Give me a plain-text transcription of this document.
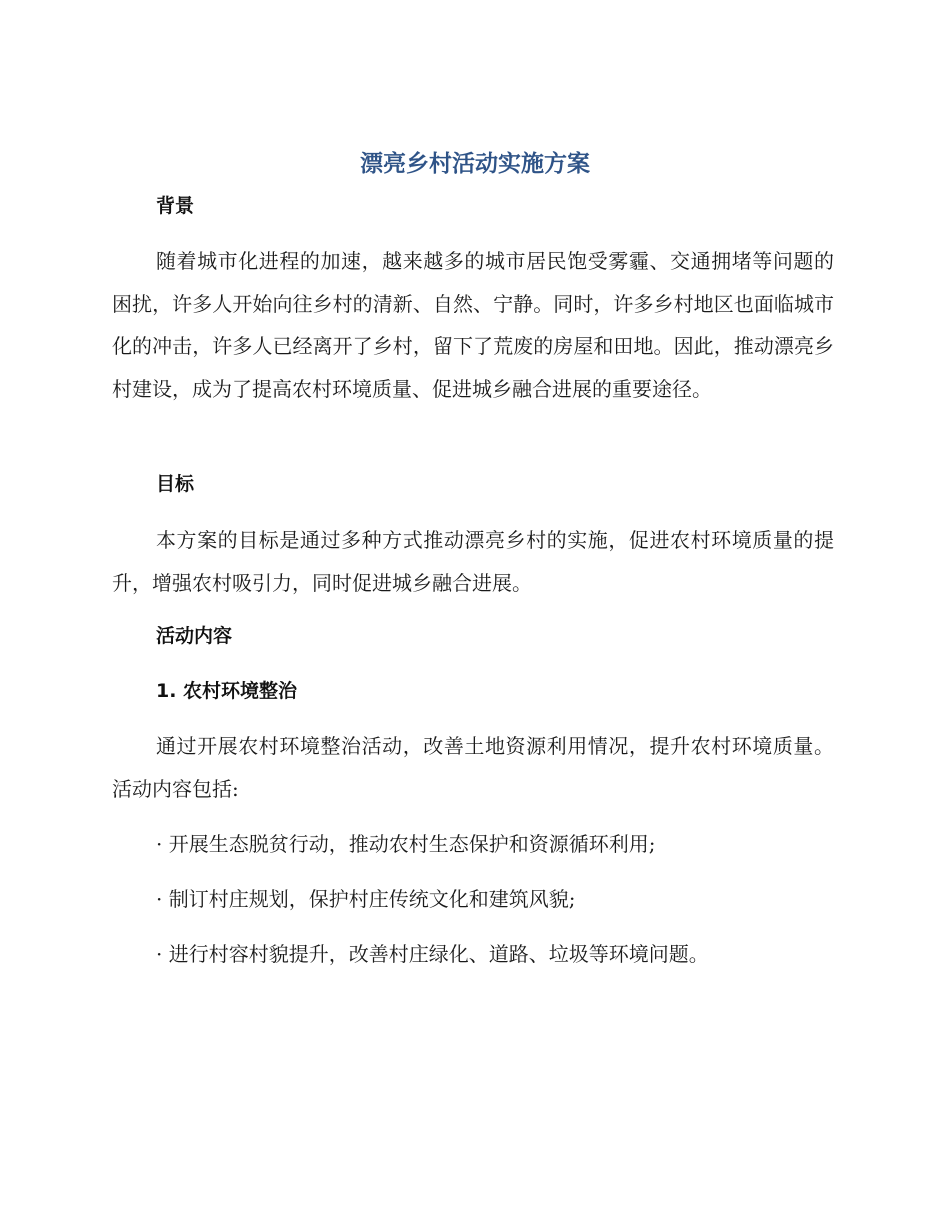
漂亮乡村活动实施方案
背景
随着城市化进程的加速，越来越多的城市居民饱受雾霾、交通拥堵等问题的困扰，许多人开始向往乡村的清新、自然、宁静。同时，许多乡村地区也面临城市化的冲击，许多人已经离开了乡村，留下了荒废的房屋和田地。因此，推动漂亮乡村建设，成为了提高农村环境质量、促进城乡融合进展的重要途径。
目标
本方案的目标是通过多种方式推动漂亮乡村的实施，促进农村环境质量的提升，增强农村吸引力，同时促进城乡融合进展。
活动内容
1. 农村环境整治
通过开展农村环境整治活动，改善土地资源利用情况，提升农村环境质量。活动内容包括:
· 开展生态脱贫行动，推动农村生态保护和资源循环利用;
· 制订村庄规划，保护村庄传统文化和建筑风貌;
· 进行村容村貌提升，改善村庄绿化、道路、垃圾等环境问题。
